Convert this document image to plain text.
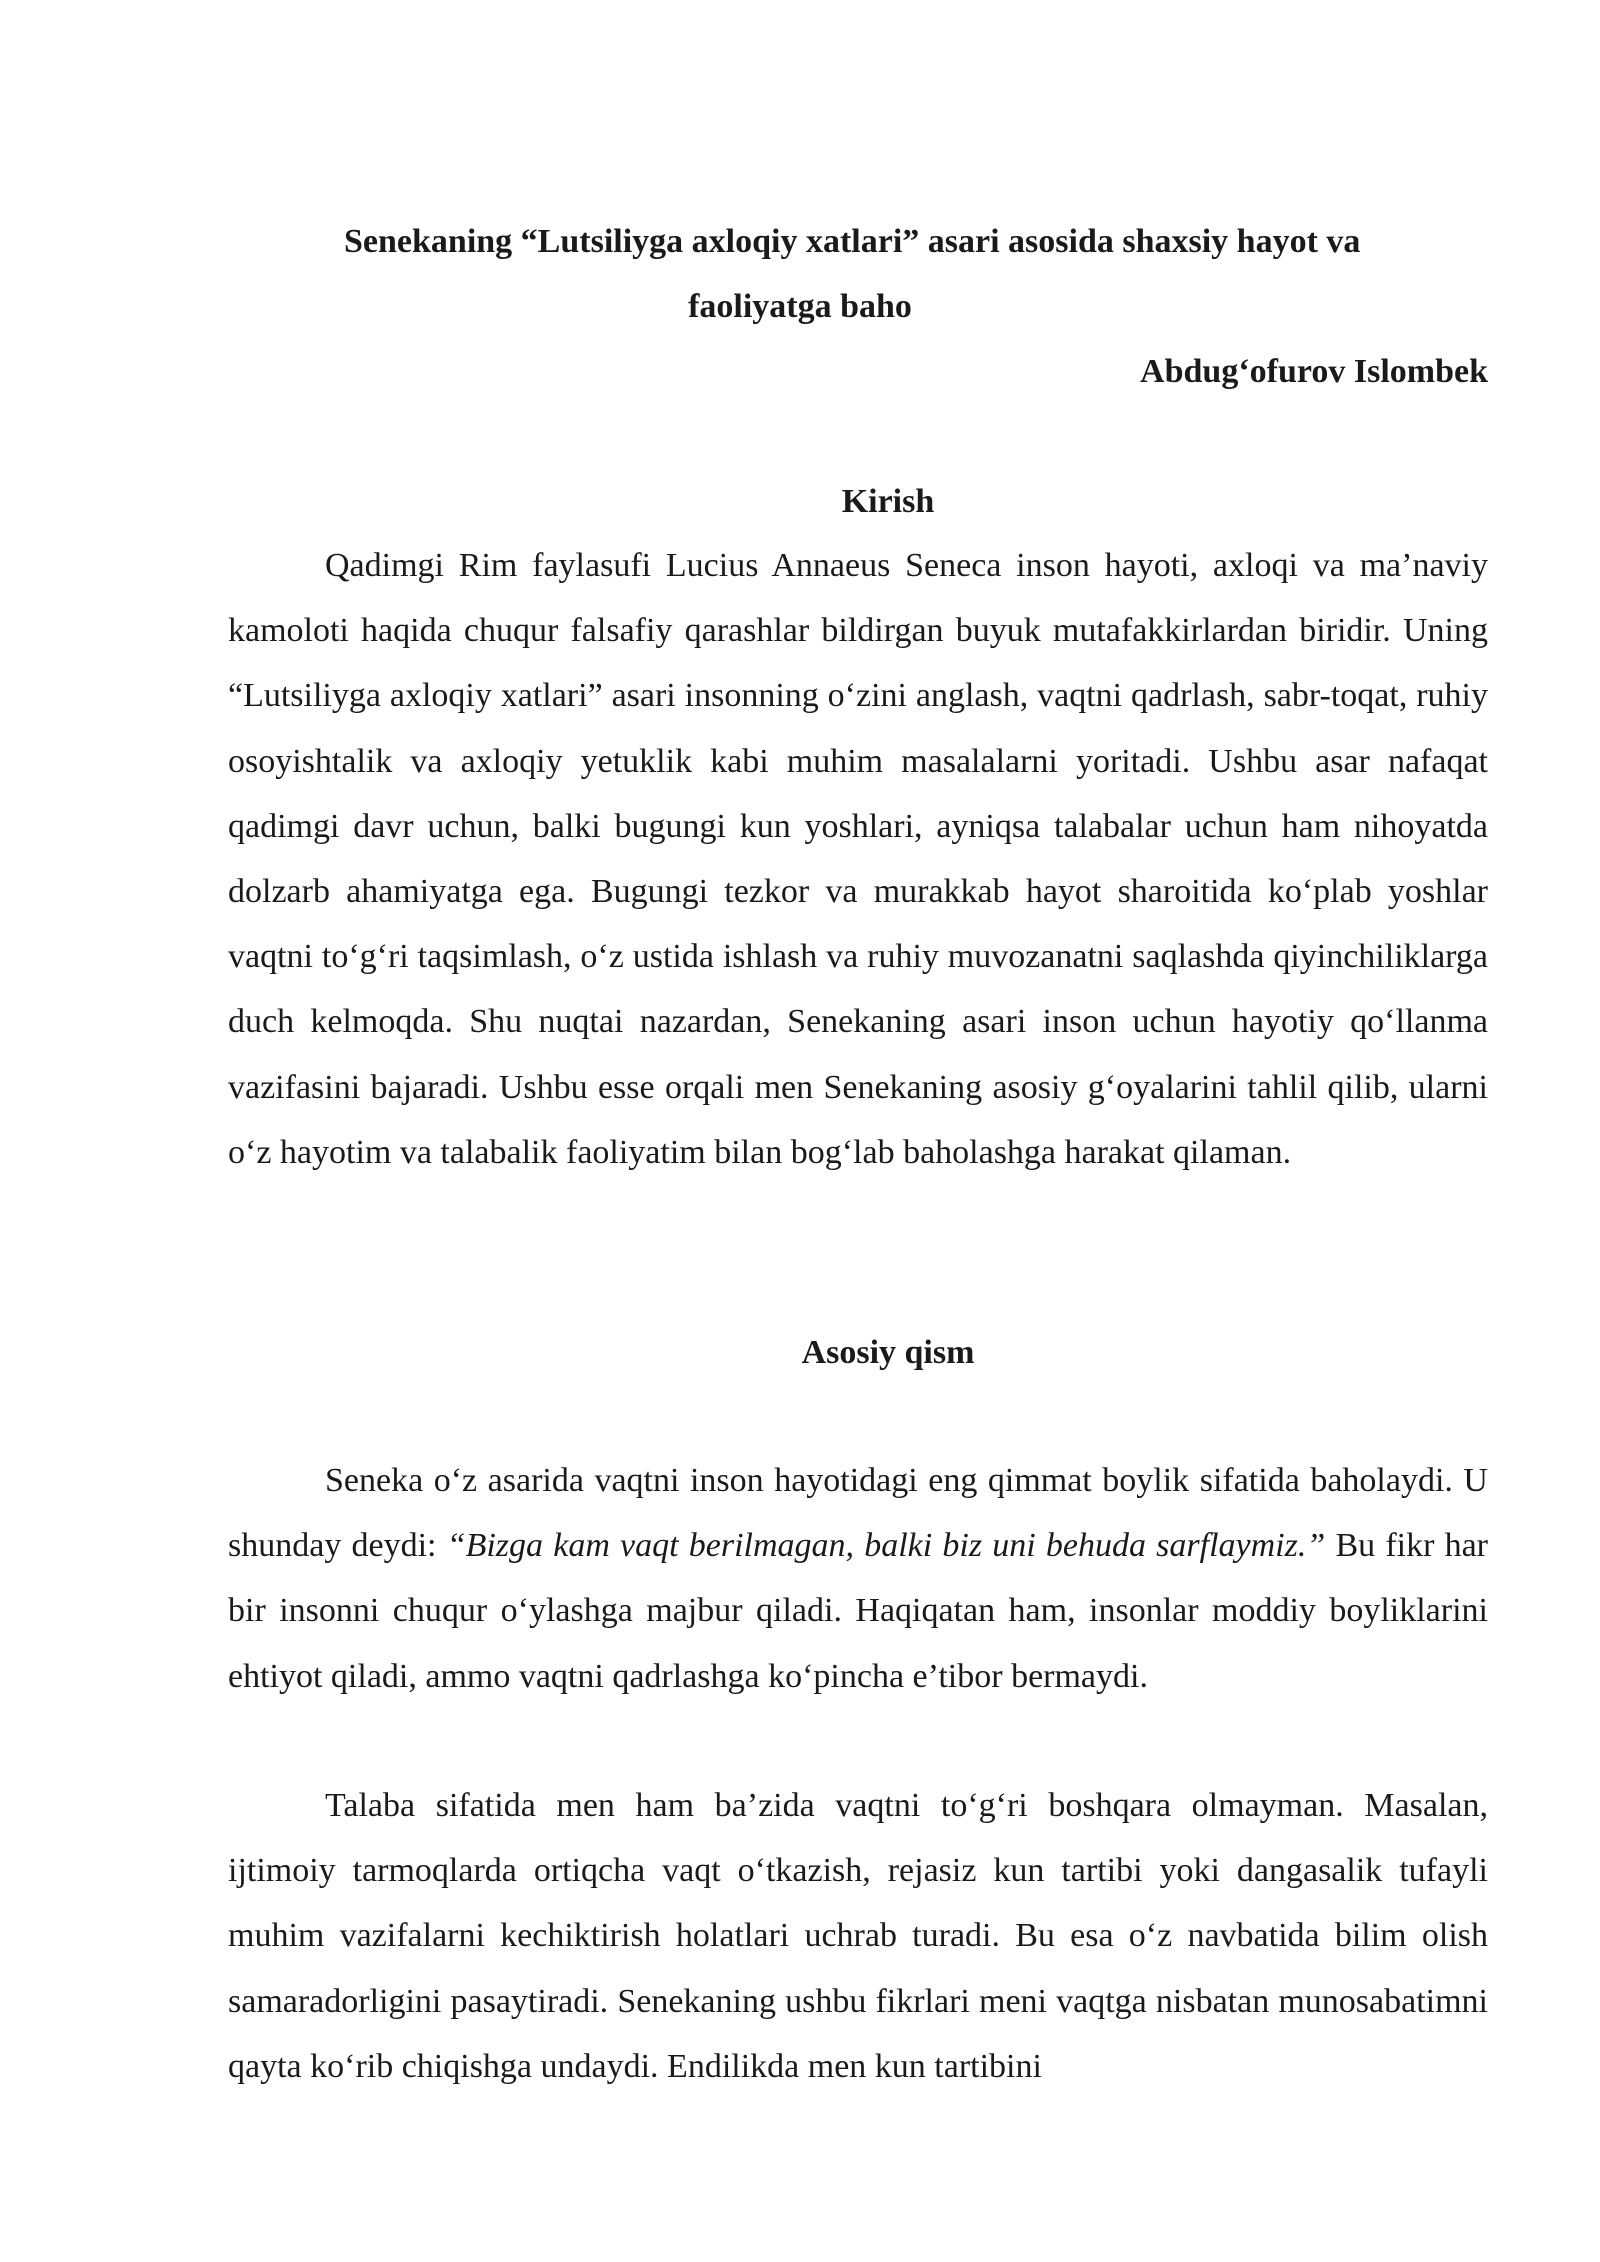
Senekaning “Lutsiliyga axloqiy xatlari” asari asosida shaxsiy hayot va
faoliyatga baho
Abdug‘ofurov Islombek
Kirish

Qadimgi Rim faylasufi Lucius Annaeus Seneca inson hayoti, axloqi va ma’naviy kamoloti haqida chuqur falsafiy qarashlar bildirgan buyuk mutafakkirlardan biridir. Uning “Lutsiliyga axloqiy xatlari” asari insonning o‘zini anglash, vaqtni qadrlash, sabr-toqat, ruhiy osoyishtalik va axloqiy yetuklik kabi muhim masalalarni yoritadi. Ushbu asar nafaqat qadimgi davr uchun, balki bugungi kun yoshlari, ayniqsa talabalar uchun ham nihoyatda dolzarb ahamiyatga ega. Bugungi tezkor va murakkab hayot sharoitida ko‘plab yoshlar vaqtni to‘g‘ri taqsimlash, o‘z ustida ishlash va ruhiy muvozanatni saqlashda qiyinchiliklarga duch kelmoqda. Shu nuqtai nazardan, Senekaning asari inson uchun hayotiy qo‘llanma vazifasini bajaradi. Ushbu esse orqali men Senekaning asosiy g‘oyalarini tahlil qilib, ularni o‘z hayotim va talabalik faoliyatim bilan bog‘lab baholashga harakat qilaman.

Asosiy qism

Seneka o‘z asarida vaqtni inson hayotidagi eng qimmat boylik sifatida baholaydi. U shunday deydi: “Bizga kam vaqt berilmagan, balki biz uni behuda sarflaymiz.” Bu fikr har bir insonni chuqur o‘ylashga majbur qiladi. Haqiqatan ham, insonlar moddiy boyliklarini ehtiyot qiladi, ammo vaqtni qadrlashga ko‘pincha e’tibor bermaydi.

Talaba sifatida men ham ba’zida vaqtni to‘g‘ri boshqara olmayman. Masalan, ijtimoiy tarmoqlarda ortiqcha vaqt o‘tkazish, rejasiz kun tartibi yoki dangasalik tufayli muhim vazifalarni kechiktirish holatlari uchrab turadi. Bu esa o‘z navbatida bilim olish samaradorligini pasaytiradi. Senekaning ushbu fikrlari meni vaqtga nisbatan munosabatimni qayta ko‘rib chiqishga undaydi. Endilikda men kun tartibini
